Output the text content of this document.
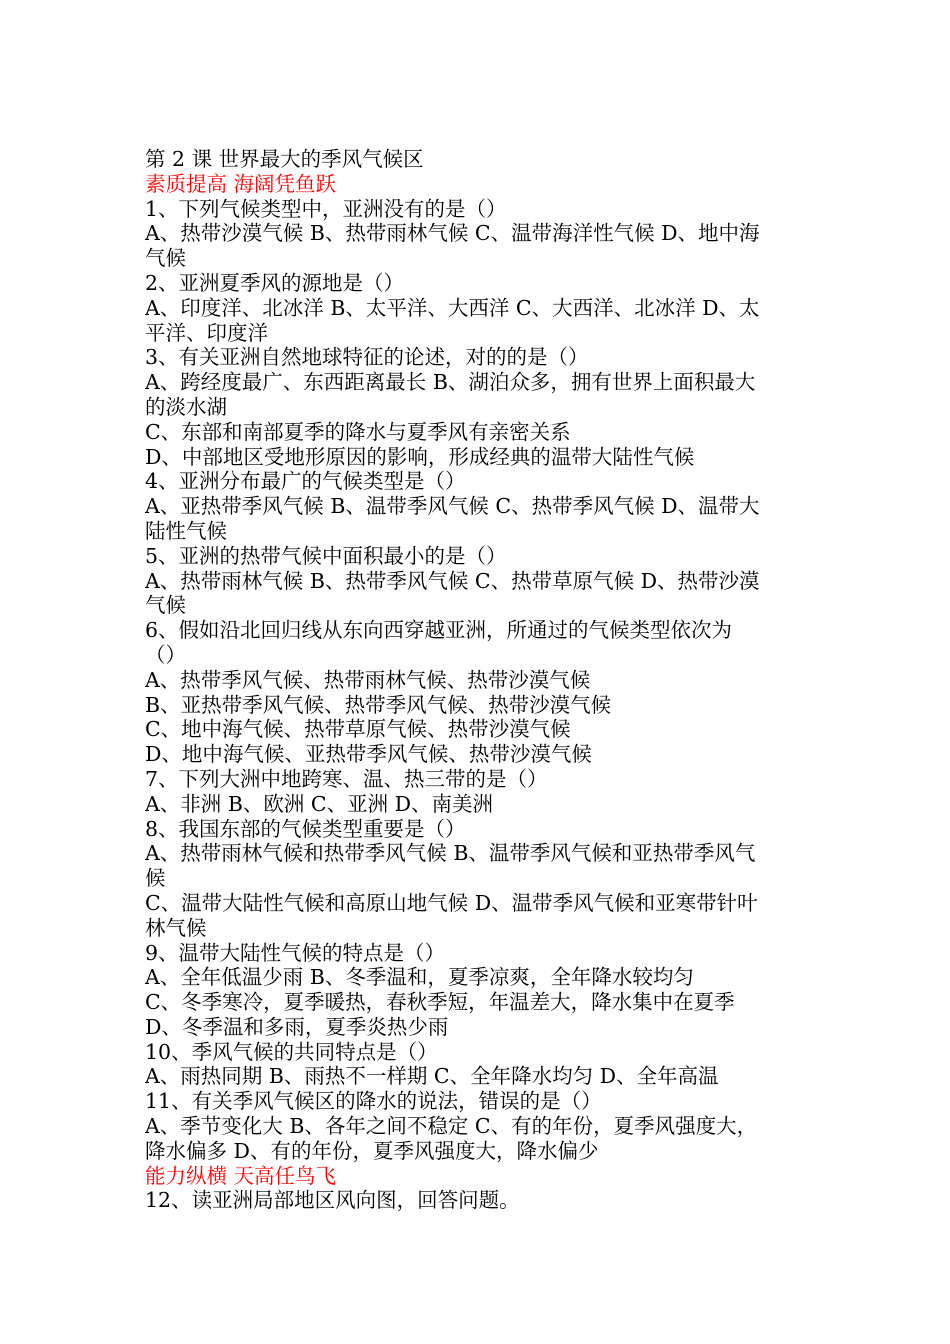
第 2 课 世界最大的季风气候区
素质提高 海阔凭鱼跃
1、下列气候类型中，亚洲没有的是（）
A、热带沙漠气候 B、热带雨林气候 C、温带海洋性气候 D、地中海
气候
2、亚洲夏季风的源地是（）
A、印度洋、北冰洋 B、太平洋、大西洋 C、大西洋、北冰洋 D、太
平洋、印度洋
3、有关亚洲自然地球特征的论述，对的的是（）
A、跨经度最广、东西距离最长 B、湖泊众多，拥有世界上面积最大
的淡水湖
C、东部和南部夏季的降水与夏季风有亲密关系
D、中部地区受地形原因的影响，形成经典的温带大陆性气候
4、亚洲分布最广的气候类型是（）
A、亚热带季风气候 B、温带季风气候 C、热带季风气候 D、温带大
陆性气候
5、亚洲的热带气候中面积最小的是（）
A、热带雨林气候 B、热带季风气候 C、热带草原气候 D、热带沙漠
气候
6、假如沿北回归线从东向西穿越亚洲，所通过的气候类型依次为
（）
A、热带季风气候、热带雨林气候、热带沙漠气候
B、亚热带季风气候、热带季风气候、热带沙漠气候
C、地中海气候、热带草原气候、热带沙漠气候
D、地中海气候、亚热带季风气候、热带沙漠气候
7、下列大洲中地跨寒、温、热三带的是（）
A、非洲 B、欧洲 C、亚洲 D、南美洲
8、我国东部的气候类型重要是（）
A、热带雨林气候和热带季风气候 B、温带季风气候和亚热带季风气
候
C、温带大陆性气候和高原山地气候 D、温带季风气候和亚寒带针叶
林气候
9、温带大陆性气候的特点是（）
A、全年低温少雨 B、冬季温和，夏季凉爽，全年降水较均匀
C、冬季寒冷，夏季暖热，春秋季短，年温差大，降水集中在夏季
D、冬季温和多雨，夏季炎热少雨
10、季风气候的共同特点是（）
A、雨热同期 B、雨热不一样期 C、全年降水均匀 D、全年高温
11、有关季风气候区的降水的说法，错误的是（）
A、季节变化大 B、各年之间不稳定 C、有的年份，夏季风强度大，
降水偏多 D、有的年份，夏季风强度大，降水偏少
能力纵横 天高任鸟飞
12、读亚洲局部地区风向图，回答问题。
